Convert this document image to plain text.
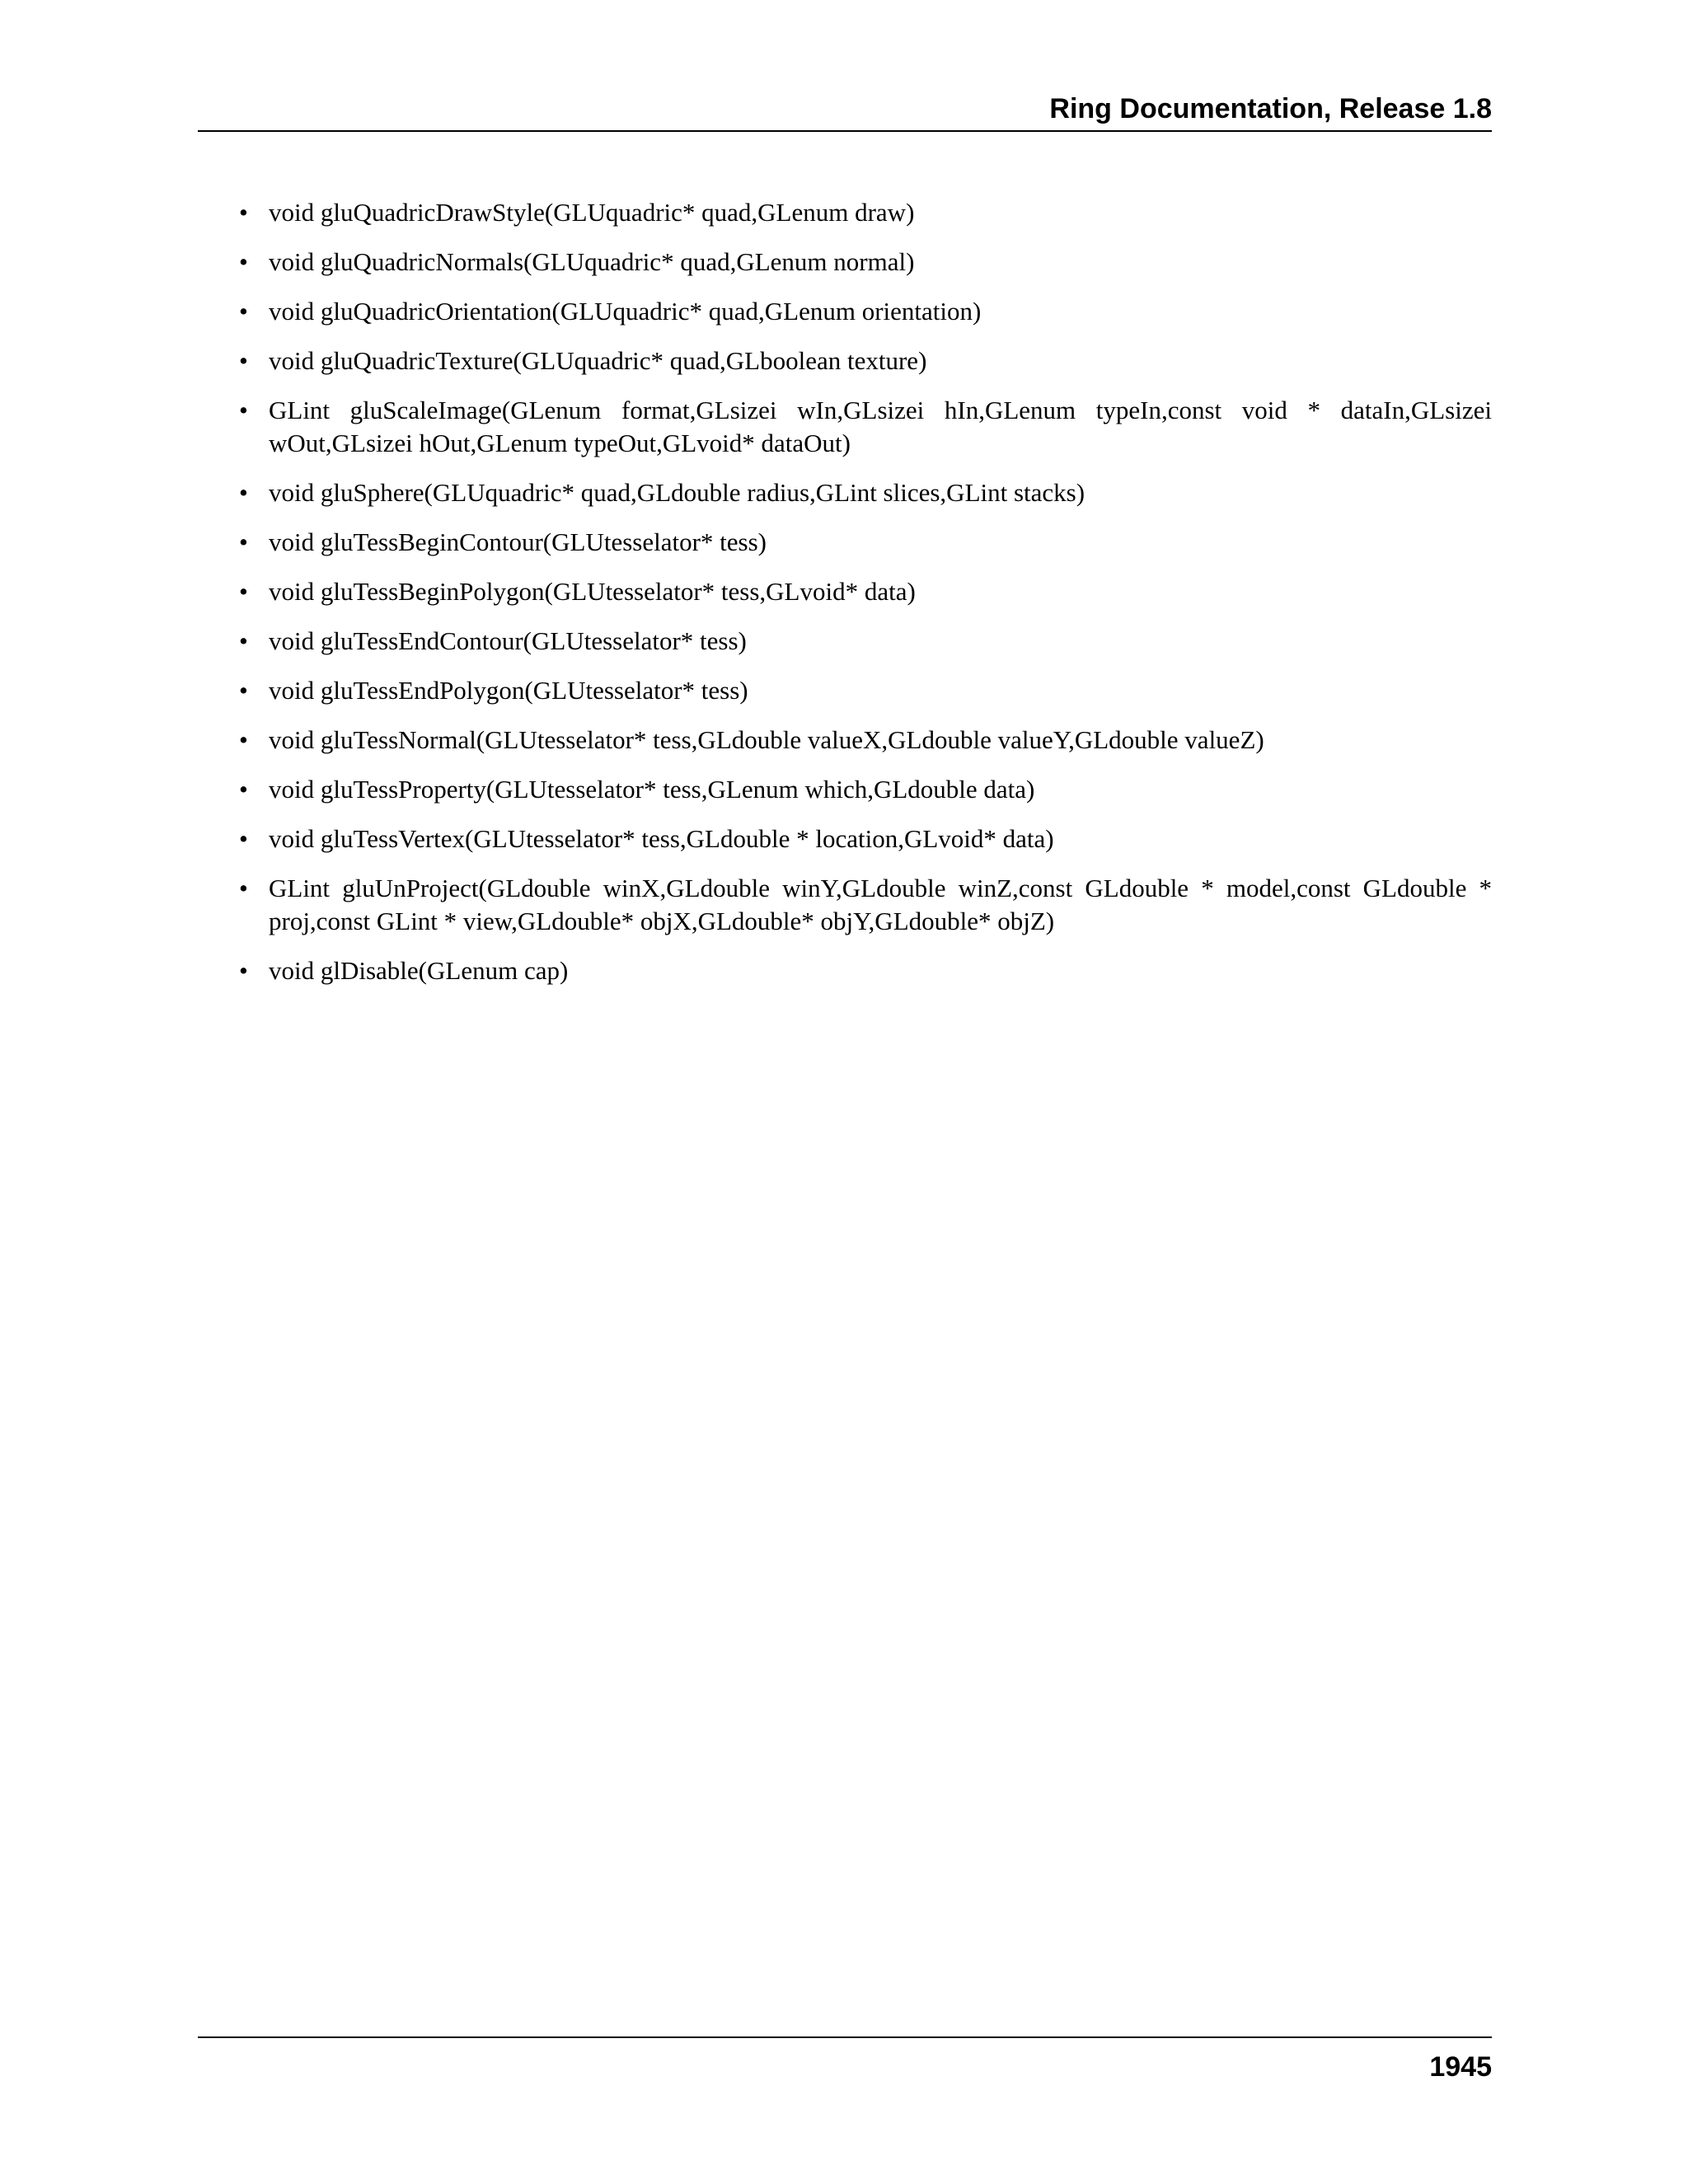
Ring Documentation, Release 1.8
• void gluQuadricDrawStyle(GLUquadric* quad,GLenum draw)
• void gluQuadricNormals(GLUquadric* quad,GLenum normal)
• void gluQuadricOrientation(GLUquadric* quad,GLenum orientation)
• void gluQuadricTexture(GLUquadric* quad,GLboolean texture)
• GLint gluScaleImage(GLenum format,GLsizei wIn,GLsizei hIn,GLenum typeIn,const void * dataIn,GLsizei wOut,GLsizei hOut,GLenum typeOut,GLvoid* dataOut)
• void gluSphere(GLUquadric* quad,GLdouble radius,GLint slices,GLint stacks)
• void gluTessBeginContour(GLUtesselator* tess)
• void gluTessBeginPolygon(GLUtesselator* tess,GLvoid* data)
• void gluTessEndContour(GLUtesselator* tess)
• void gluTessEndPolygon(GLUtesselator* tess)
• void gluTessNormal(GLUtesselator* tess,GLdouble valueX,GLdouble valueY,GLdouble valueZ)
• void gluTessProperty(GLUtesselator* tess,GLenum which,GLdouble data)
• void gluTessVertex(GLUtesselator* tess,GLdouble * location,GLvoid* data)
• GLint gluUnProject(GLdouble winX,GLdouble winY,GLdouble winZ,const GLdouble * model,const GLdouble * proj,const GLint * view,GLdouble* objX,GLdouble* objY,GLdouble* objZ)
• void glDisable(GLenum cap)
1945
